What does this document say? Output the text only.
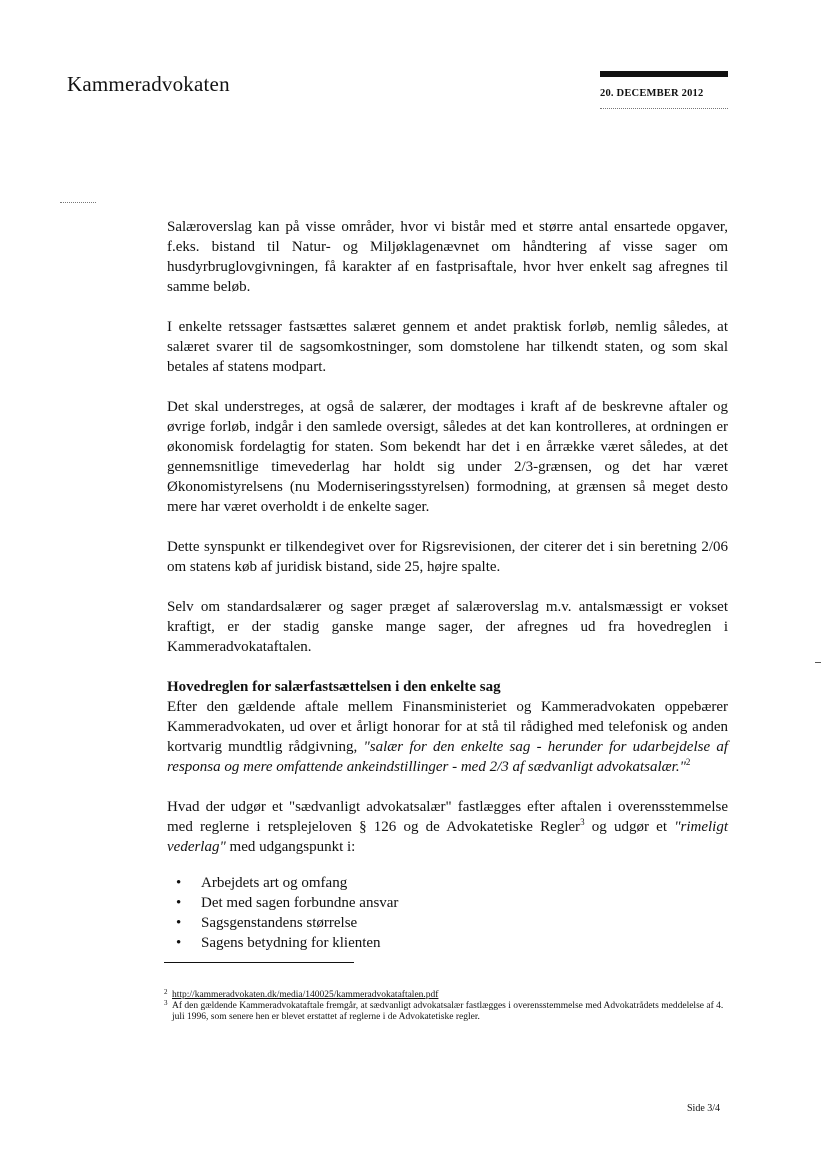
Kammeradvokaten	20. DECEMBER 2012

Salæroverslag kan på visse områder, hvor vi bistår med et større antal ensartede opgaver, f.eks. bistand til Natur- og Miljøklagenævnet om håndtering af visse sager om husdyrbruglovgivningen, få karakter af en fastprisaftale, hvor hver enkelt sag afregnes til samme beløb.

I enkelte retssager fastsættes salæret gennem et andet praktisk forløb, nemlig således, at salæret svarer til de sagsomkostninger, som domstolene har tilkendt staten, og som skal betales af statens modpart.

Det skal understreges, at også de salærer, der modtages i kraft af de beskrevne aftaler og øvrige forløb, indgår i den samlede oversigt, således at det kan kontrolleres, at ordningen er økonomisk fordelagtig for staten. Som bekendt har det i en årrække været således, at det gennemsnitlige timevederlag har holdt sig under 2/3-grænsen, og det har været Økonomistyrelsens (nu Moderniseringsstyrelsen) formodning, at grænsen så meget desto mere har været overholdt i de enkelte sager.

Dette synspunkt er tilkendegivet over for Rigsrevisionen, der citerer det i sin beretning 2/06 om statens køb af juridisk bistand, side 25, højre spalte.

Selv om standardsalærer og sager præget af salæroverslag m.v. antalsmæssigt er vokset kraftigt, er der stadig ganske mange sager, der afregnes ud fra hovedreglen i Kammeradvokataftalen.

Hovedreglen for salærfastsættelsen i den enkelte sag

Efter den gældende aftale mellem Finansministeriet og Kammeradvokaten oppebærer Kammeradvokaten, ud over et årligt honorar for at stå til rådighed med telefonisk og anden kortvarig mundtlig rådgivning, "salær for den enkelte sag - herunder for udarbejdelse af responsa og mere omfattende ankeindstillinger - med 2/3 af sædvanligt advokatsalær."$^2$

Hvad der udgør et "sædvanligt advokatsalær" fastlægges efter aftalen i overensstemmelse med reglerne i retsplejeloven § 126 og de Advokatetiske Regler$^3$ og udgør et "rimeligt vederlag" med udgangspunkt i:

• Arbejdets art og omfang
• Det med sagen forbundne ansvar
• Sagsgenstandens størrelse
• Sagens betydning for klienten
2 http://kammeradvokaten.dk/media/140025/kammeradvokataftalen.pdf
3 Af den gældende Kammeradvokataftale fremgår, at sædvanligt advokatsalær fastlægges i overensstemmelse med Advokatrådets meddelelse af 4. juli 1996, som senere hen er blevet erstattet af reglerne i de Advokatetiske regler.
Side 3/4
